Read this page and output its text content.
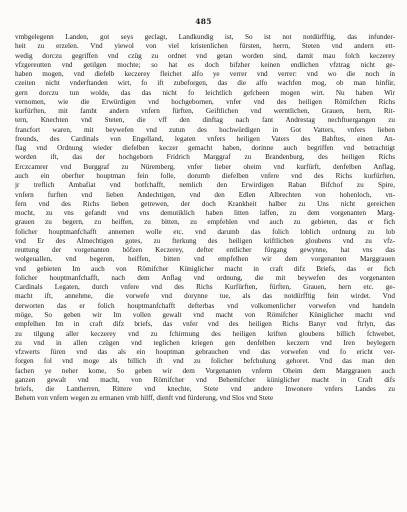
485
vmbgelegenn Landen, got seys geclagt, Landkundig ist, So ist not notdürfftig, das infunder-
heit zu erzelen. Vnd yiewol von viel kristenlichen fürsten, herrn, Steten vnd andern ett-
wedig dorczu gegriffen vnd czüg zu ordnet vnd getan worden sind, damit mau folch keczerey
vfzgereutten vnd getilgen mochte; so hat es doch bifzher keinen endlichen vfztrag nicht ge-
haben mogen, vnd diefelb keczerey fleichet alfo ye verrer vnd verrer: vnd wo die noch in
czeiten nicht vnderftanden wirt, fo ift zubeforgen, das die alfo wachfen mog, ob man hinfür,
gern dorczu tun wolde, das das nicht fo leichtlich gefcheen mogen wirt. Nu haben Wir
vernomen, wie die Erwürdigen vnd hochgebornen, vnfer vnd des heiligen Römifchen Richs
kurfürften, mit famht andern vnfern fürften, Geiftlichen vnd werntlichen, Grauen, hern, Rit-
tern, Knechten vnd Steten, die vff den dinftag nach fant Andrestag nechftuergangen zu
francfort waren, mit beywefen vnd zutun des hochwürdigen in Got Vatters, vnfers lieben
freunds, des Cardinals von Engelland, legaten vnfers heiligen Vaters des Babftes, einen An-
flag vnd Ordnung wieder diefelben keczer gemacht haben, dorinne auch begriffen vnd betrachtigt
worden ift, das der hochgeborn Fridrich Marggraf zu Brandenburg, des heiligen Richs
Erczcamrer vnd Burggraf zu Nüremberg, vnfer lieber oheim vnd kurfürft, denfelben Anflag,
auch ein oberfter houptman fein folle, dorumb diefelben vnfere vnd des Richs kurfürften,
jr treflich Ambafiat vnd botfchafft, nemlich den Erwirdigen Raban Bifchof zu Spire,
vnfern furften vnd lieben Andechtigen, vnd den Edlen Albrechten von hohenloch, vn-
fern vnd des Richs lieben getrewen, der doch Krankheit halber zu Uns nicht gereichen
mocht, zu vns gefandt vnd vns demutiklich haben litten laffen, zu dem vorgenanten Marg-
grauen zu begern, zu heiffen, zu bitten, zu empfehlen vnd auch zu gebieten, das er fich
folicher houptmanfchafft annemen wolle etc. vnd darumb das folich loblich ordnung zu lob
vnd Er des Almechtigen gotes, zu fterkung des heiligen kriftlichen gloubens vnd zu vfz-
reuttung der vorgenanten böfzen Keczerey, defter entlicher fürgang gewynne, hat vns das
wolgeuallen, vnd begeren, heiffen, bitten vnd empfelhen wir dem vorgenanten Marggrauen
vnd gebieten Im auch von Römifcher Küniglicher macht in craft difz Briefs, das er fich
folicher houptmanfchafft, nach dem Anflag vnd ordnung, die mit beywefen des vorgenanten
Cardinals Legaten, durch vnfere vnd des Richs Kurfürften, fürften, Grauen, hern etc. ge-
macht ift, annehme, die vorwefe vnd dorynne tue, als das notdürfftig fein wirdet. Vnd
derworten das er folich houptmanfchafft defterbas vnd volkomenlicher vorwefen vnd handeln
möge, So geben wir Im vollen gewalt vnd macht von Römifcher Küniglicher macht vnd
empfelhen Im in craft difz briefs, das vnfer vnd des heiligen Richs Banyr vnd ftrlyn, das
zu tilgung aller keczerey vnd zu fchirmung des heiligen kriften gloubens billich fchwebet,
zu vnd in allen czügen vnd teglichen kriegen gen denfelben keczern vnd Iren beylegern
vfzwerts füren vnd das als ein houptman gebrauchen vnd das vorwefen vnd fo ericht ver-
forgen fol vnd moge als billich ift vnd zu folicher befchulung gehoret. Vnd das man den
fachen ye neher kome, So geben wir dem Vorgenanten vnferm Oheim dem Marggrauen auch
ganzen gewalt vnd macht, von Römifcher vnd Behemifcher küniglicher macht in Craft difs
briefs, die Lantherren, Rittere vnd knechte, Stete vnd andere Inwonere vnfers Landes zu
Behem von vnfern wegen zu ermanen vmb hilff, dienft vnd fürderung, vnd Slos vnd Stete
